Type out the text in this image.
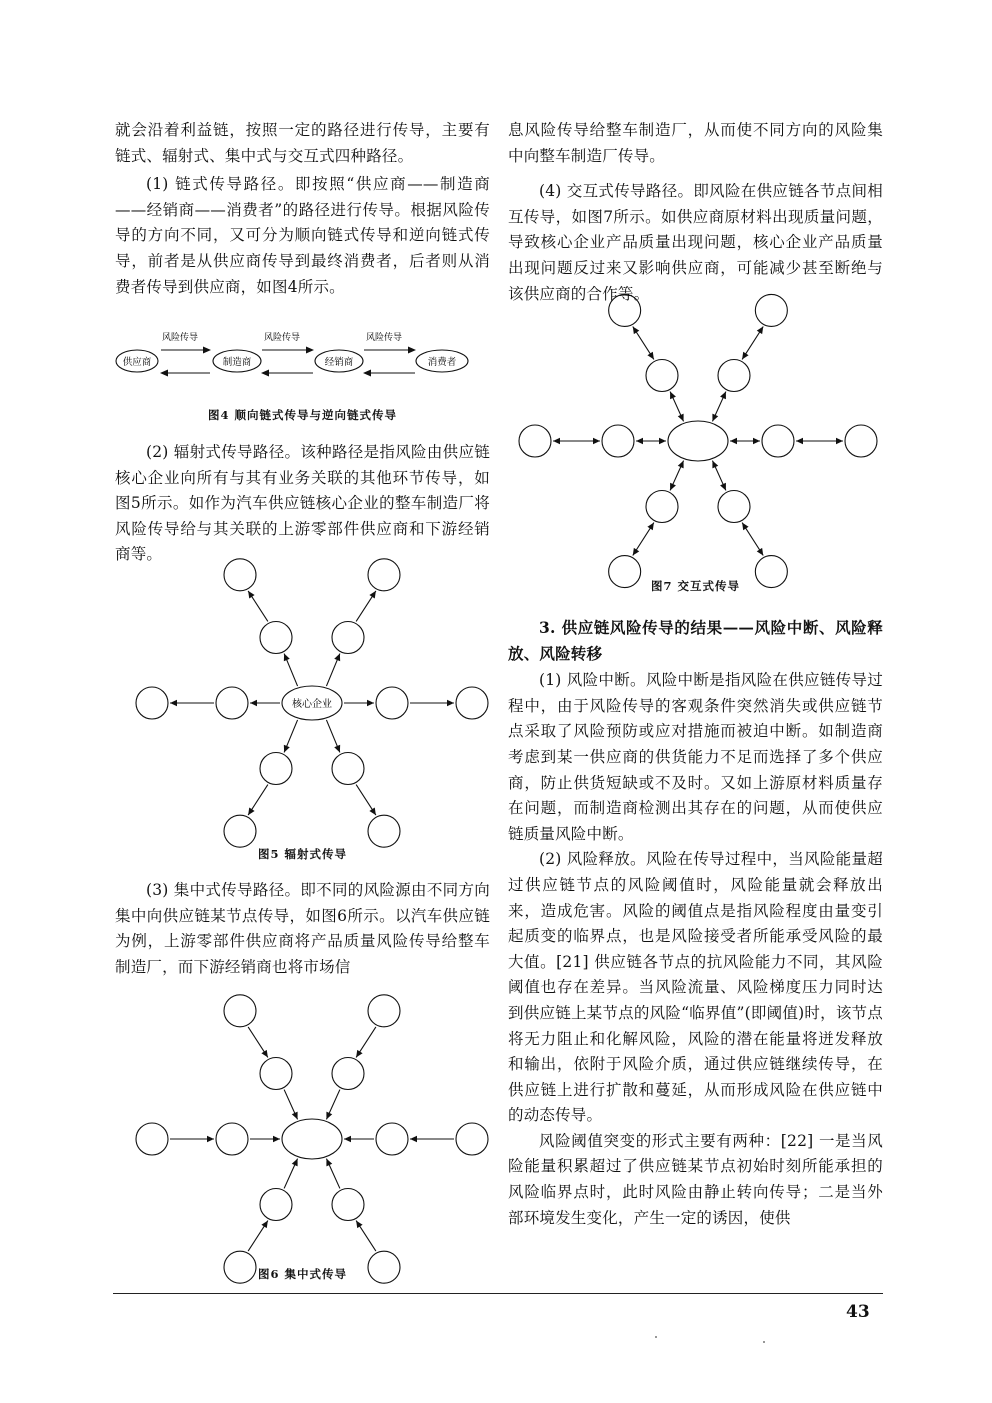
就会沿着利益链，按照一定的路径进行传导，主要有链式、辐射式、集中式与交互式四种路径。

(1) 链式传导路径。即按照“供应商——制造商——经销商——消费者”的路径进行传导。根据风险传导的方向不同，又可分为顺向链式传导和逆向链式传导，前者是从供应商传导到最终消费者，后者则从消费者传导到供应商，如图4所示。

风险传导	风险传导	风险传导
供应商	制造商	经销商	消费者

图4 顺向链式传导与逆向链式传导

(2) 辐射式传导路径。该种路径是指风险由供应链核心企业向所有与其有业务关联的其他环节传导，如图5所示。如作为汽车供应链核心企业的整车制造厂将风险传导给与其关联的上游零部件供应商和下游经销商等。

核心企业

图5 辐射式传导

(3) 集中式传导路径。即不同的风险源由不同方向集中向供应链某节点传导，如图6所示。以汽车供应链为例，上游零部件供应商将产品质量风险传导给整车制造厂，而下游经销商也将市场信

图6 集中式传导

息风险传导给整车制造厂，从而使不同方向的风险集中向整车制造厂传导。

(4) 交互式传导路径。即风险在供应链各节点间相互传导，如图7所示。如供应商原材料出现质量问题，导致核心企业产品质量出现问题，核心企业产品质量出现问题反过来又影响供应商，可能减少甚至断绝与该供应商的合作等。

图7 交互式传导

3. 供应链风险传导的结果——风险中断、风险释放、风险转移

(1) 风险中断。风险中断是指风险在供应链传导过程中，由于风险传导的客观条件突然消失或供应链节点采取了风险预防或应对措施而被迫中断。如制造商考虑到某一供应商的供货能力不足而选择了多个供应商，防止供货短缺或不及时。又如上游原材料质量存在问题，而制造商检测出其存在的问题，从而使供应链质量风险中断。

(2) 风险释放。风险在传导过程中，当风险能量超过供应链节点的风险阈值时，风险能量就会释放出来，造成危害。风险的阈值点是指风险程度由量变引起质变的临界点，也是风险接受者所能承受风险的最大值。[21] 供应链各节点的抗风险能力不同，其风险阈值也存在差异。当风险流量、风险梯度压力同时达到供应链上某节点的风险“临界值”(即阈值)时，该节点将无力阻止和化解风险，风险的潜在能量将迸发释放和输出，依附于风险介质，通过供应链继续传导，在供应链上进行扩散和蔓延，从而形成风险在供应链中的动态传导。

风险阈值突变的形式主要有两种：[22] 一是当风险能量积累超过了供应链某节点初始时刻所能承担的风险临界点时，此时风险由静止转向传导；二是当外部环境发生变化，产生一定的诱因，使供

43
